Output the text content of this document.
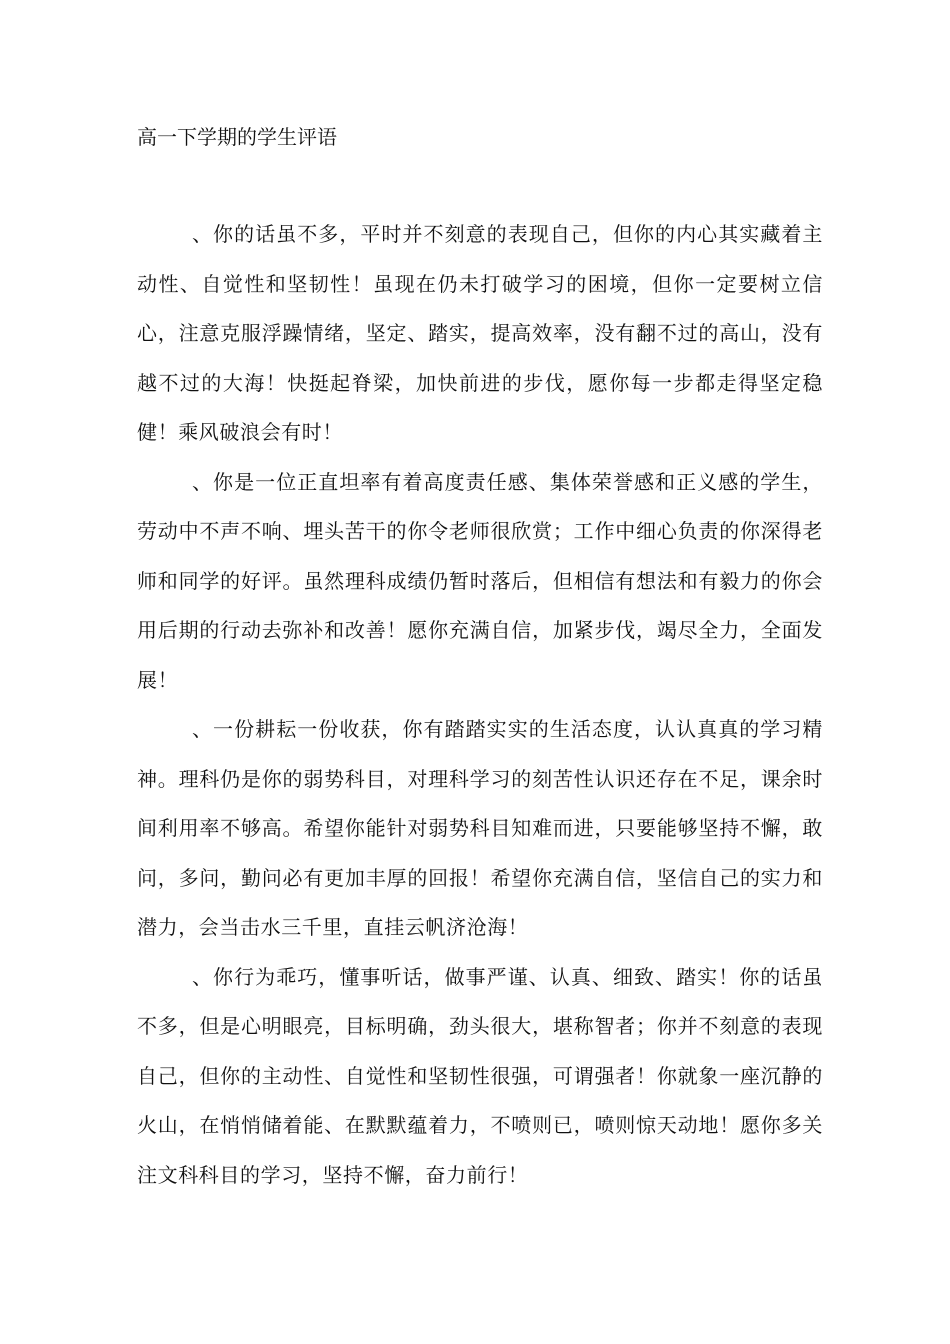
高一下学期的学生评语

、你的话虽不多，平时并不刻意的表现自己，但你的内心其实藏着主动性、自觉性和坚韧性！虽现在仍未打破学习的困境，但你一定要树立信心，注意克服浮躁情绪，坚定、踏实，提高效率，没有翻不过的高山，没有越不过的大海！快挺起脊梁，加快前进的步伐，愿你每一步都走得坚定稳健！乘风破浪会有时！

、你是一位正直坦率有着高度责任感、集体荣誉感和正义感的学生，劳动中不声不响、埋头苦干的你令老师很欣赏；工作中细心负责的你深得老师和同学的好评。虽然理科成绩仍暂时落后，但相信有想法和有毅力的你会用后期的行动去弥补和改善！愿你充满自信，加紧步伐，竭尽全力，全面发展！

、一份耕耘一份收获，你有踏踏实实的生活态度，认认真真的学习精神。理科仍是你的弱势科目，对理科学习的刻苦性认识还存在不足，课余时间利用率不够高。希望你能针对弱势科目知难而进，只要能够坚持不懈，敢问，多问，勤问必有更加丰厚的回报！希望你充满自信，坚信自己的实力和潜力，会当击水三千里，直挂云帆济沧海！

、你行为乖巧，懂事听话，做事严谨、认真、细致、踏实！你的话虽不多，但是心明眼亮，目标明确，劲头很大，堪称智者；你并不刻意的表现自己，但你的主动性、自觉性和坚韧性很强，可谓强者！你就象一座沉静的火山，在悄悄储着能、在默默蕴着力，不喷则已，喷则惊天动地！愿你多关注文科科目的学习，坚持不懈，奋力前行！
